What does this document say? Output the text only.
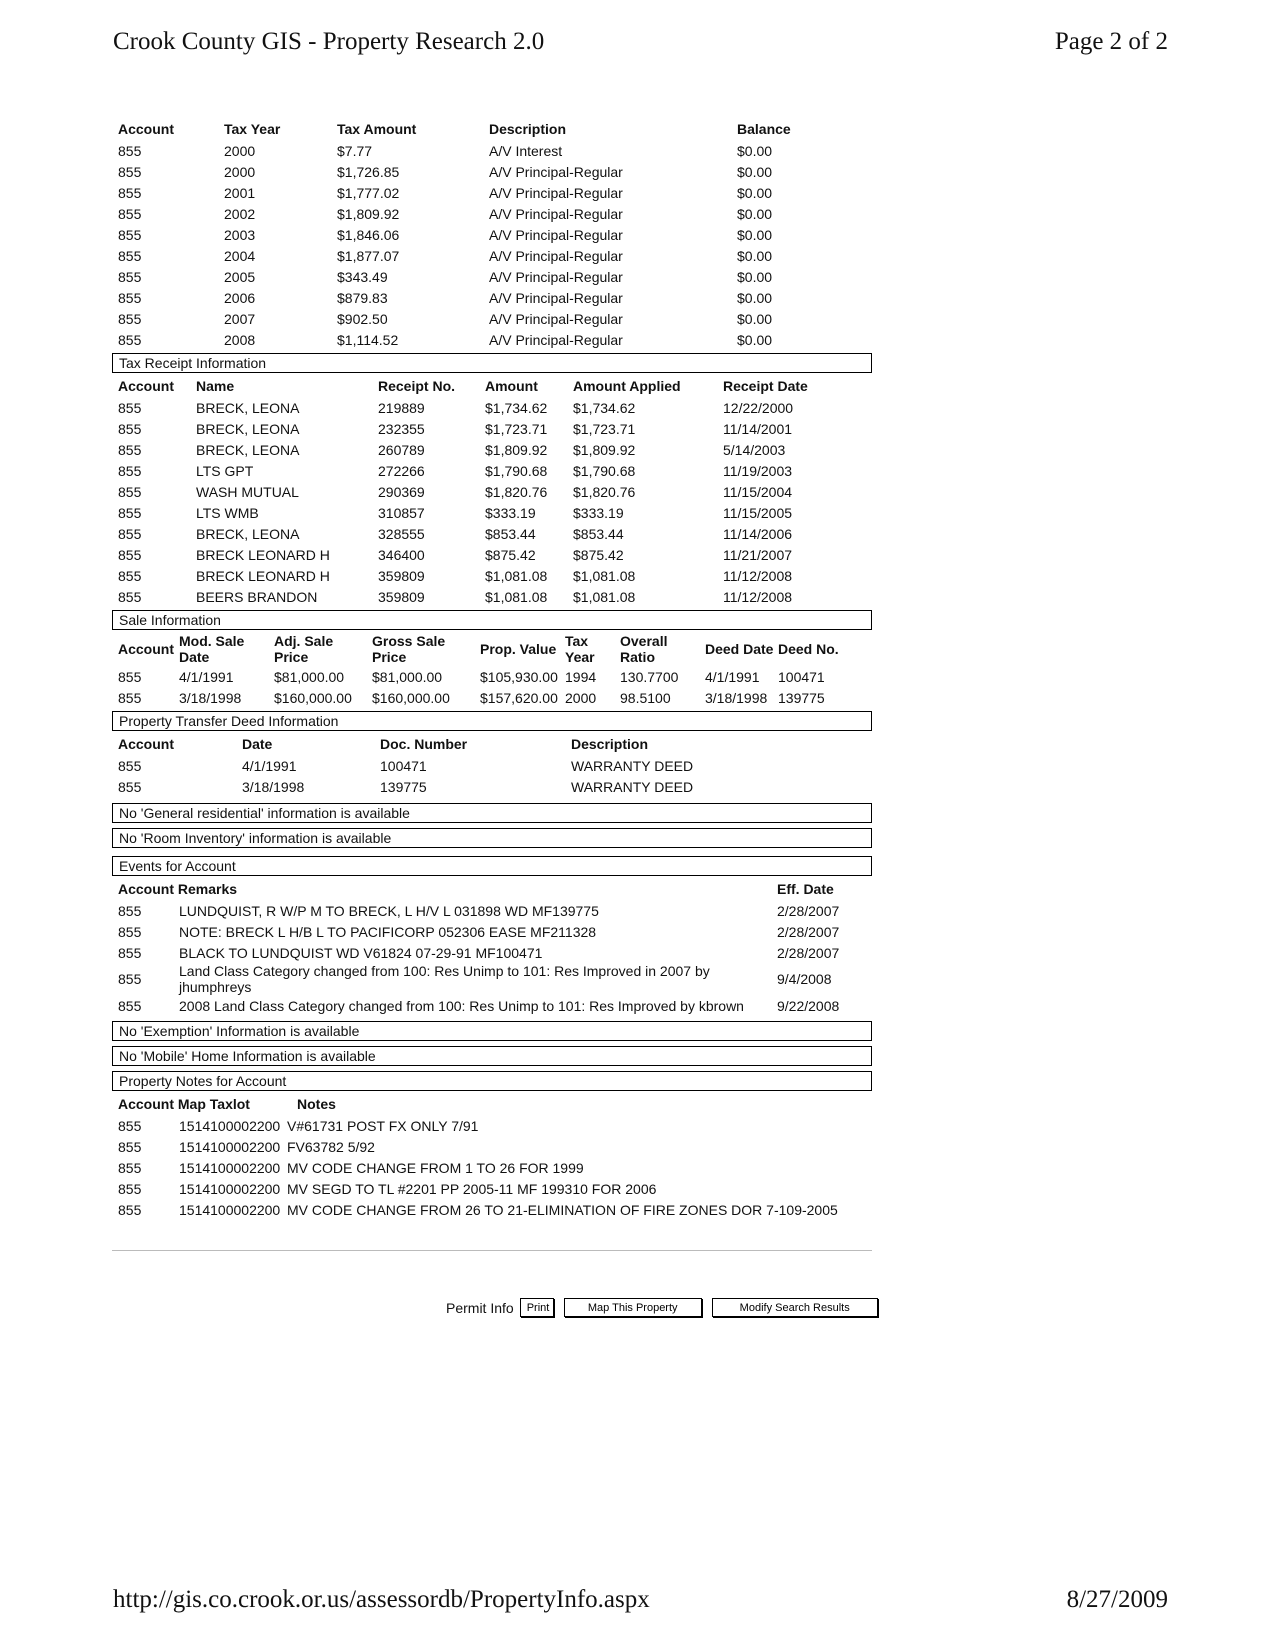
Crook County GIS - Property Research 2.0	Page 2 of 2
Account	Tax Year	Tax Amount	Description	Balance
855	2000	$7.77	A/V Interest	$0.00
855	2000	$1,726.85	A/V Principal-Regular	$0.00
855	2001	$1,777.02	A/V Principal-Regular	$0.00
855	2002	$1,809.92	A/V Principal-Regular	$0.00
855	2003	$1,846.06	A/V Principal-Regular	$0.00
855	2004	$1,877.07	A/V Principal-Regular	$0.00
855	2005	$343.49	A/V Principal-Regular	$0.00
855	2006	$879.83	A/V Principal-Regular	$0.00
855	2007	$902.50	A/V Principal-Regular	$0.00
855	2008	$1,114.52	A/V Principal-Regular	$0.00
Tax Receipt Information
Account	Name	Receipt No.	Amount	Amount Applied	Receipt Date
855	BRECK, LEONA	219889	$1,734.62	$1,734.62	12/22/2000
855	BRECK, LEONA	232355	$1,723.71	$1,723.71	11/14/2001
855	BRECK, LEONA	260789	$1,809.92	$1,809.92	5/14/2003
855	LTS GPT	272266	$1,790.68	$1,790.68	11/19/2003
855	WASH MUTUAL	290369	$1,820.76	$1,820.76	11/15/2004
855	LTS WMB	310857	$333.19	$333.19	11/15/2005
855	BRECK, LEONA	328555	$853.44	$853.44	11/14/2006
855	BRECK LEONARD H	346400	$875.42	$875.42	11/21/2007
855	BRECK LEONARD H	359809	$1,081.08	$1,081.08	11/12/2008
855	BEERS BRANDON	359809	$1,081.08	$1,081.08	11/12/2008
Sale Information
Account	Mod. Sale Date	Adj. Sale Price	Gross Sale Price	Prop. Value	Tax Year	Overall Ratio	Deed Date	Deed No.
855	4/1/1991	$81,000.00	$81,000.00	$105,930.00	1994	130.7700	4/1/1991	100471
855	3/18/1998	$160,000.00	$160,000.00	$157,620.00	2000	98.5100	3/18/1998	139775
Property Transfer Deed Information
Account	Date	Doc. Number	Description
855	4/1/1991	100471	WARRANTY DEED
855	3/18/1998	139775	WARRANTY DEED
No 'General residential' information is available
No 'Room Inventory' information is available
Events for Account
Account Remarks		Eff. Date
855	LUNDQUIST, R W/P M TO BRECK, L H/V L 031898 WD MF139775	2/28/2007
855	NOTE: BRECK L H/B L TO PACIFICORP 052306 EASE MF211328	2/28/2007
855	BLACK TO LUNDQUIST WD V61824 07-29-91 MF100471	2/28/2007
855	Land Class Category changed from 100: Res Unimp to 101: Res Improved in 2007 by jhumphreys	9/4/2008
855	2008 Land Class Category changed from 100: Res Unimp to 101: Res Improved by kbrown	9/22/2008
No 'Exemption' Information is available
No 'Mobile' Home Information is available
Property Notes for Account
Account Map Taxlot		Notes
855	1514100002200	V#61731 POST FX ONLY 7/91
855	1514100002200	FV63782 5/92
855	1514100002200	MV CODE CHANGE FROM 1 TO 26 FOR 1999
855	1514100002200	MV SEGD TO TL #2201 PP 2005-11 MF 199310 FOR 2006
855	1514100002200	MV CODE CHANGE FROM 26 TO 21-ELIMINATION OF FIRE ZONES DOR 7-109-2005
Permit Info	Print	Map This Property	Modify Search Results
http://gis.co.crook.or.us/assessordb/PropertyInfo.aspx	8/27/2009
